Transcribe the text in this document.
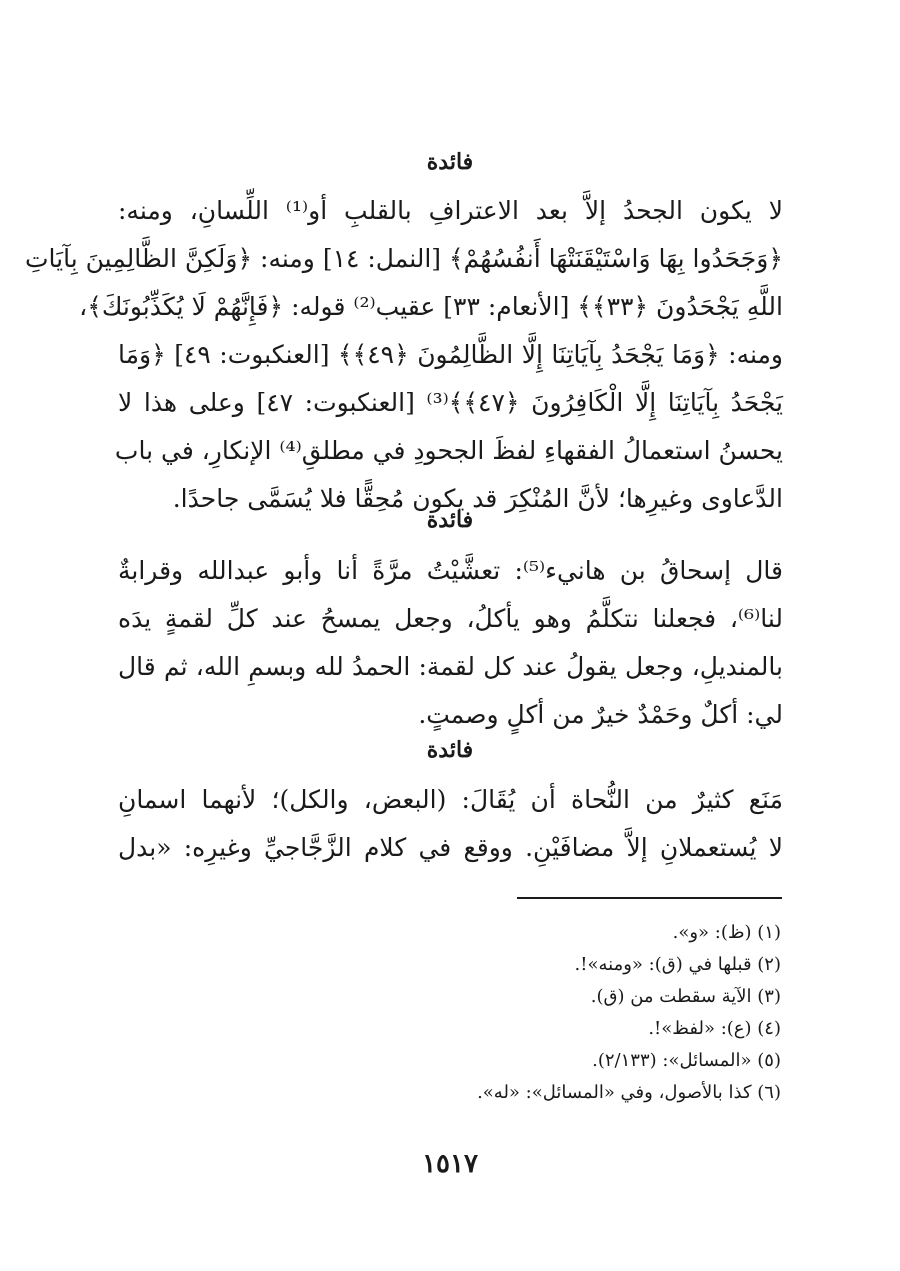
فائدة
لا يكون الجحدُ إلاَّ بعد الاعترافِ بالقلبِ أو⁽¹⁾ اللِّسانِ، ومنه:
﴿وَجَحَدُوا بِهَا وَاسْتَيْقَنَتْهَا أَنفُسُهُمْ﴾ [النمل: ١٤] ومنه: ﴿وَلَكِنَّ الظَّالِمِينَ بِآيَاتِ
اللَّهِ يَجْحَدُونَ ﴿٣٣﴾﴾ [الأنعام: ٣٣] عقيب⁽²⁾ قوله: ﴿فَإِنَّهُمْ لَا يُكَذِّبُونَكَ﴾،
ومنه: ﴿وَمَا يَجْحَدُ بِآيَاتِنَا إِلَّا الظَّالِمُونَ ﴿٤٩﴾﴾ [العنكبوت: ٤٩] ﴿وَمَا
يَجْحَدُ بِآيَاتِنَا إِلَّا الْكَافِرُونَ ﴿٤٧﴾﴾⁽³⁾ [العنكبوت: ٤٧] وعلى هذا لا
يحسنُ استعمالُ الفقهاءِ لفظَ الجحودِ في مطلقِ⁽⁴⁾ الإنكارِ، في باب
الدَّعاوى وغيرِها؛ لأنَّ المُنْكِرَ قد يكون مُحِقًّا فلا يُسَمَّى جاحدًا.
فائدة
قال إسحاقُ بن هانيء⁽⁵⁾: تعشَّيْتُ مرَّةً أنا وأبو عبدالله وقرابةٌ
لنا⁽⁶⁾، فجعلنا نتكلَّمُ وهو يأكلُ، وجعل يمسحُ عند كلِّ لقمةٍ يدَه
بالمنديلِ، وجعل يقولُ عند كل لقمة: الحمدُ لله وبسمِ الله، ثم قال
لي: أكلٌ وحَمْدٌ خيرٌ من أكلٍ وصمتٍ.
فائدة
مَنَع كثيرٌ من النُّحاة أن يُقَالَ: (البعض، والكل)؛ لأنهما اسمانِ
لا يُستعملانِ إلاَّ مضافَيْنِ. ووقع في كلام الزَّجَّاجيِّ وغيرِه: «بدل
(١) (ظ): «و».
(٢) قبلها في (ق): «ومنه»!.
(٣) الآية سقطت من (ق).
(٤) (ع): «لفظ»!.
(٥) «المسائل»: (٢/١٣٣).
(٦) كذا بالأصول، وفي «المسائل»: «له».
١٥١٧
